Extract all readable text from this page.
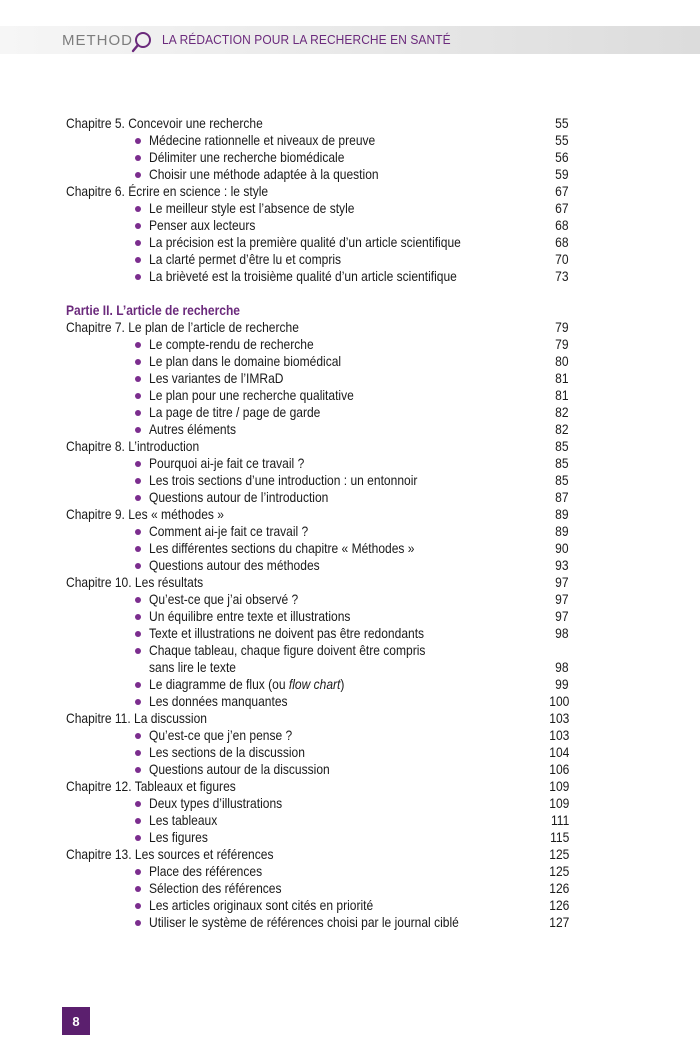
METHOD LA RÉDACTION POUR LA RECHERCHE EN SANTÉ
Chapitre 5. Concevoir une recherche	55
Médecine rationnelle et niveaux de preuve	55
Délimiter une recherche biomédicale	56
Choisir une méthode adaptée à la question	59
Chapitre 6. Écrire en science : le style	67
Le meilleur style est l’absence de style	67
Penser aux lecteurs	68
La précision est la première qualité d’un article scientifique	68
La clarté permet d’être lu et compris	70
La brièveté est la troisième qualité d’un article scientifique	73
Partie II. L’article de recherche
Chapitre 7. Le plan de l’article de recherche	79
Le compte-rendu de recherche	79
Le plan dans le domaine biomédical	80
Les variantes de l’IMRaD	81
Le plan pour une recherche qualitative	81
La page de titre / page de garde	82
Autres éléments	82
Chapitre 8. L’introduction	85
Pourquoi ai-je fait ce travail ?	85
Les trois sections d’une introduction : un entonnoir	85
Questions autour de l’introduction	87
Chapitre 9. Les « méthodes »	89
Comment ai-je fait ce travail ?	89
Les différentes sections du chapitre « Méthodes »	90
Questions autour des méthodes	93
Chapitre 10. Les résultats	97
Qu’est-ce que j’ai observé ?	97
Un équilibre entre texte et illustrations	97
Texte et illustrations ne doivent pas être redondants	98
Chaque tableau, chaque figure doivent être compris
sans lire le texte	98
Le diagramme de flux (ou flow chart)	99
Les données manquantes	100
Chapitre 11. La discussion	103
Qu’est-ce que j’en pense ?	103
Les sections de la discussion	104
Questions autour de la discussion	106
Chapitre 12. Tableaux et figures	109
Deux types d’illustrations	109
Les tableaux	111
Les figures	115
Chapitre 13. Les sources et références	125
Place des références	125
Sélection des références	126
Les articles originaux sont cités en priorité	126
Utiliser le système de références choisi par le journal ciblé	127
8
